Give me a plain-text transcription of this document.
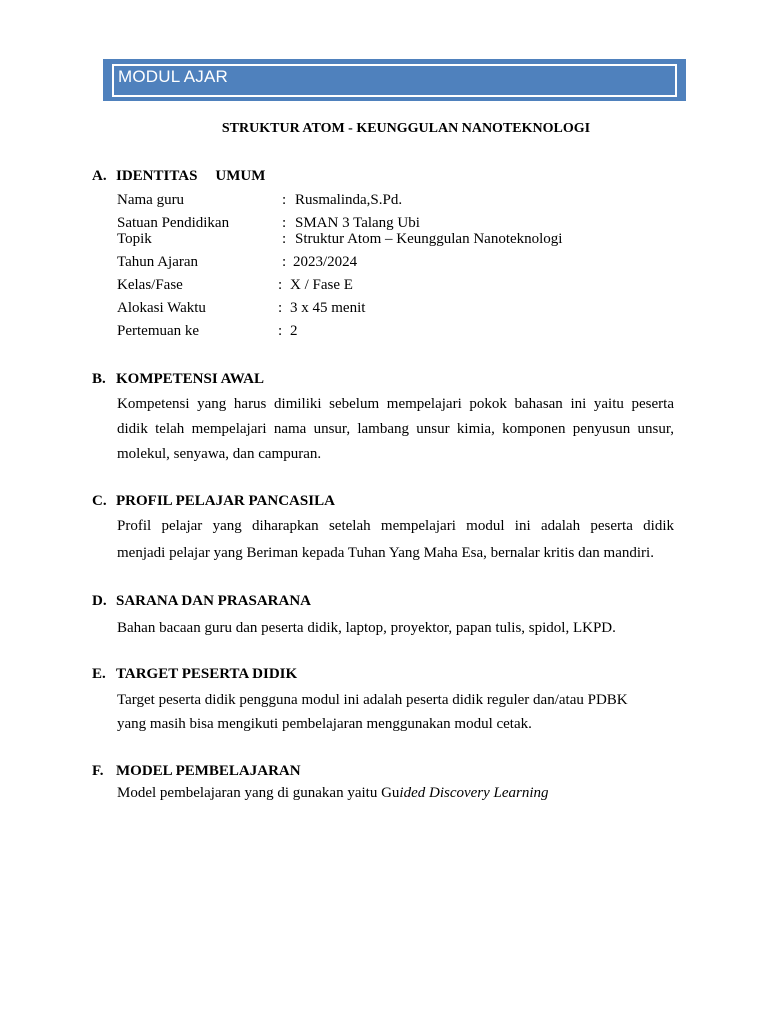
MODUL AJAR
STRUKTUR ATOM - KEUNGGULAN NANOTEKNOLOGI
A. IDENTITAS UMUM
Nama guru	: Rusmalinda,S.Pd.
Satuan Pendidikan	: SMAN 3 Talang Ubi
Topik	: Struktur Atom – Keunggulan Nanoteknologi
Tahun Ajaran	: 2023/2024
Kelas/Fase	: X / Fase E
Alokasi Waktu	: 3 x 45 menit
Pertemuan ke	: 2
B. KOMPETENSI AWAL
Kompetensi yang harus dimiliki sebelum mempelajari pokok bahasan ini yaitu peserta
didik telah mempelajari nama unsur, lambang unsur kimia, komponen penyusun unsur,
molekul, senyawa, dan campuran.
C. PROFIL PELAJAR PANCASILA
Profil pelajar yang diharapkan setelah mempelajari modul ini adalah peserta didik
menjadi pelajar yang Beriman kepada Tuhan Yang Maha Esa, bernalar kritis dan mandiri.
D. SARANA DAN PRASARANA
Bahan bacaan guru dan peserta didik, laptop, proyektor, papan tulis, spidol, LKPD.
E. TARGET PESERTA DIDIK
Target peserta didik pengguna modul ini adalah peserta didik reguler dan/atau PDBK
yang masih bisa mengikuti pembelajaran menggunakan modul cetak.
F. MODEL PEMBELAJARAN
Model pembelajaran yang di gunakan yaitu Guided Discovery Learning
